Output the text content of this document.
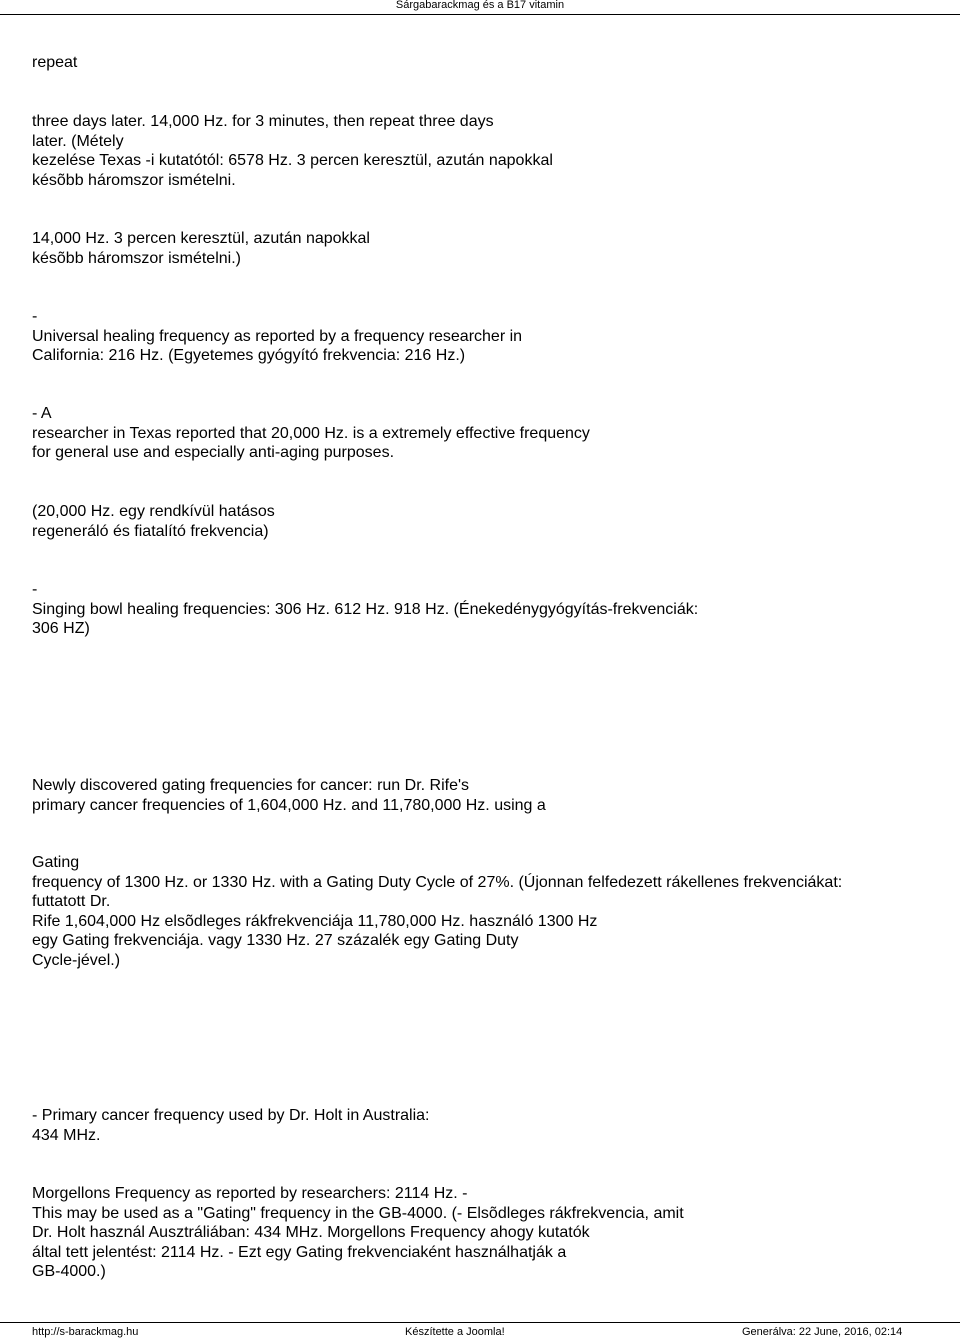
Sárgabarackmag és a B17 vitamin

repeat

three days later. 14,000 Hz. for 3 minutes, then repeat three days
later. (Métely
kezelése Texas -i kutatótól: 6578 Hz. 3 percen keresztül, azután napokkal
késõbb háromszor ismételni.

14,000 Hz. 3 percen keresztül, azután napokkal
késõbb háromszor ismételni.)

-
Universal healing frequency as reported by a frequency researcher in
California: 216 Hz. (Egyetemes gyógyító frekvencia: 216 Hz.)

- A
researcher in Texas reported that 20,000 Hz. is a extremely effective frequency
for general use and especially anti-aging purposes.

(20,000 Hz. egy rendkívül hatásos
regeneráló és fiatalító frekvencia)

-
Singing bowl healing frequencies: 306 Hz. 612 Hz. 918 Hz. (Énekedénygyógyítás-frekvenciák:
306 HZ)

Newly discovered gating frequencies for cancer: run Dr. Rife's
primary cancer frequencies of 1,604,000 Hz. and 11,780,000 Hz. using a

Gating
frequency of 1300 Hz. or 1330 Hz. with a Gating Duty Cycle of 27%. (Újonnan felfedezett rákellenes frekvenciákat:
futtatott Dr.
Rife 1,604,000 Hz elsõdleges rákfrekvenciája 11,780,000 Hz. használó 1300 Hz
egy Gating frekvenciája. vagy 1330 Hz. 27 százalék egy Gating Duty
Cycle-jével.)

- Primary cancer frequency used by Dr. Holt in Australia:
434 MHz.

Morgellons Frequency as reported by researchers: 2114 Hz. -
This may be used as a "Gating" frequency in the GB-4000. (- Elsõdleges rákfrekvencia, amit
Dr. Holt használ Ausztráliában: 434 MHz. Morgellons Frequency ahogy kutatók
által tett jelentést: 2114 Hz. - Ezt egy Gating frekvenciaként használhatják a
GB-4000.)

http://s-barackmag.hu	Készítette a Joomla!	Generálva: 22 June, 2016, 02:14
